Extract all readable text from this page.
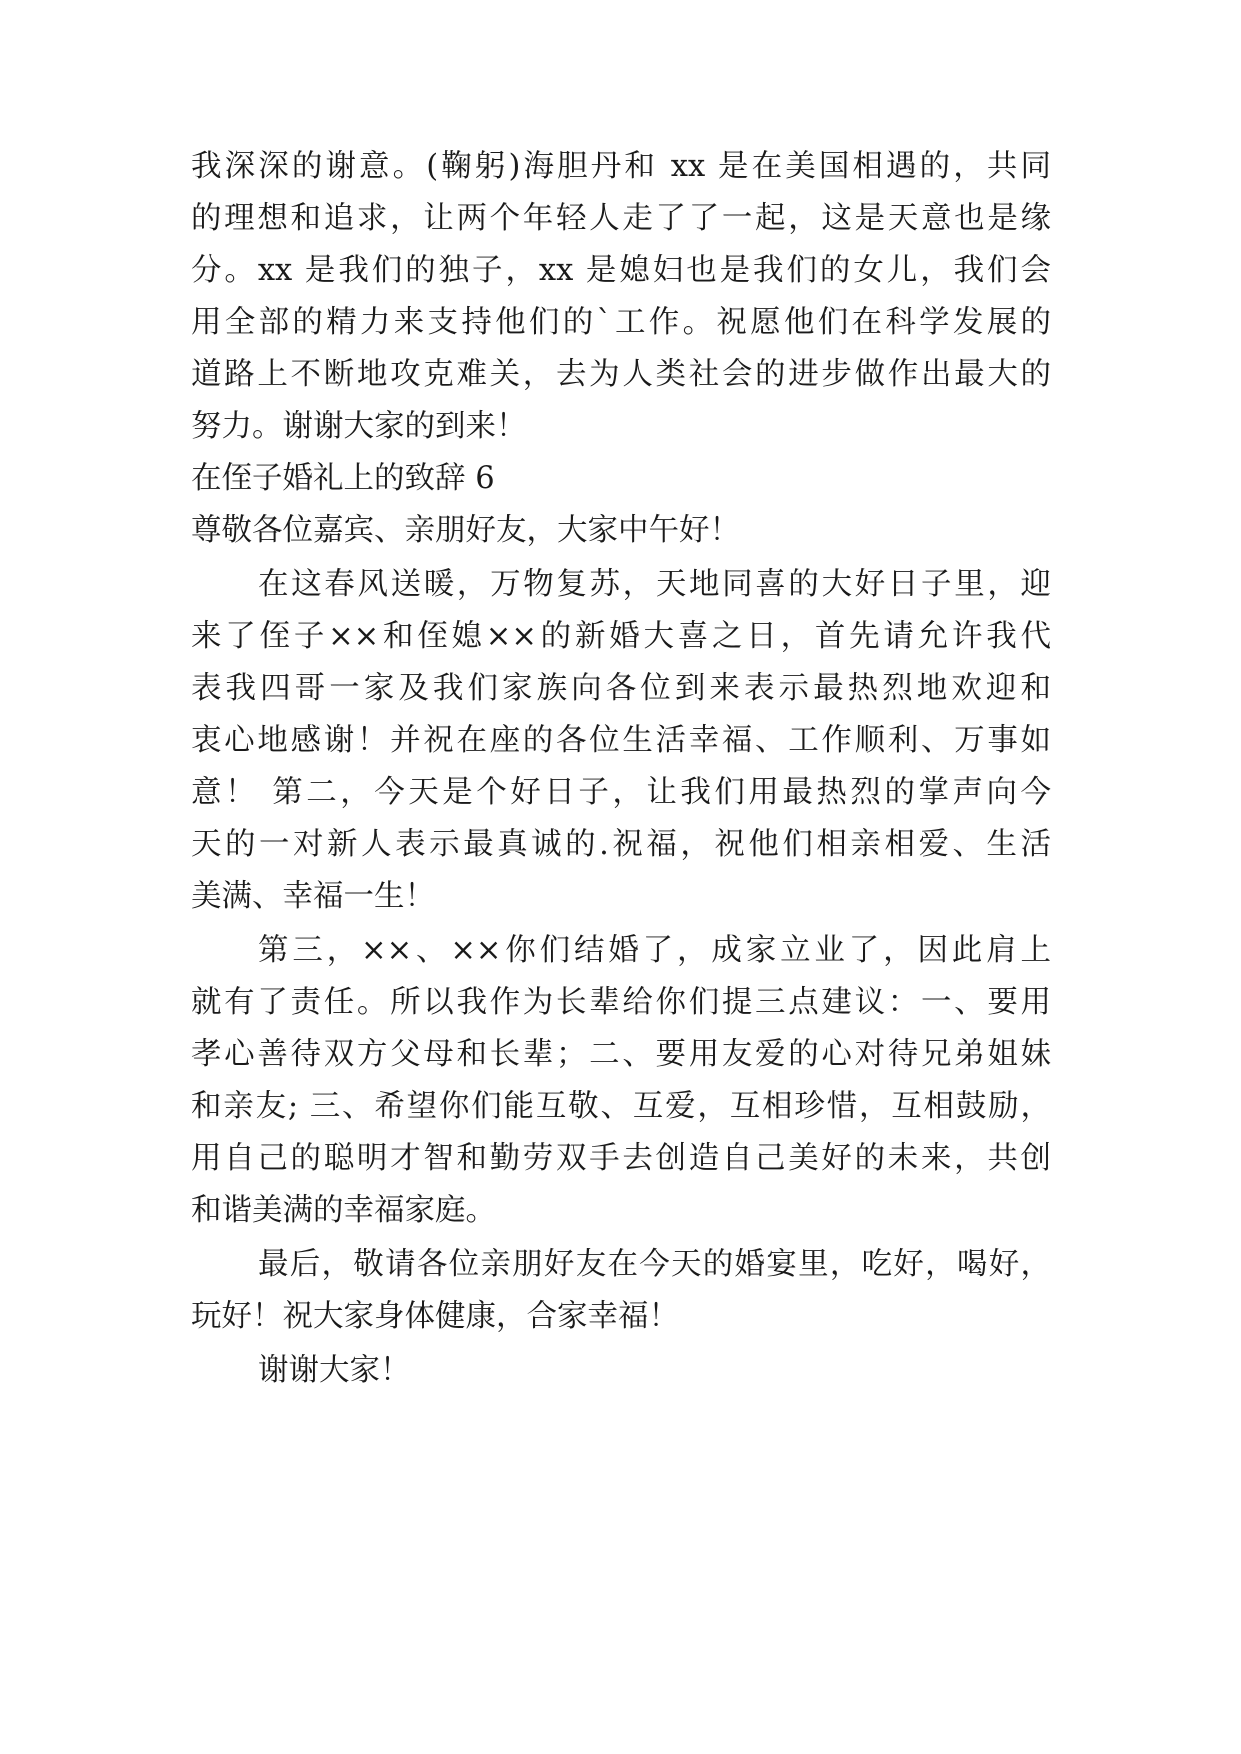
我深深的谢意。(鞠躬)海胆丹和 xx 是在美国相遇的，共同

的理想和追求，让两个年轻人走了了一起，这是天意也是缘

分。xx 是我们的独子，xx 是媳妇也是我们的女儿，我们会

用全部的精力来支持他们的`工作。祝愿他们在科学发展的

道路上不断地攻克难关，去为人类社会的进步做作出最大的

努力。谢谢大家的到来！

在侄子婚礼上的致辞 6

尊敬各位嘉宾、亲朋好友，大家中午好！

在这春风送暖，万物复苏，天地同喜的大好日子里，迎

来了侄子××和侄媳××的新婚大喜之日，首先请允许我代

表我四哥一家及我们家族向各位到来表示最热烈地欢迎和

衷心地感谢！并祝在座的各位生活幸福、工作顺利、万事如

意！ 第二，今天是个好日子，让我们用最热烈的掌声向今

天的一对新人表示最真诚的.祝福，祝他们相亲相爱、生活

美满、幸福一生！

第三，××、××你们结婚了，成家立业了，因此肩上

就有了责任。所以我作为长辈给你们提三点建议：一、要用

孝心善待双方父母和长辈；二、要用友爱的心对待兄弟姐妹

和亲友; 三、希望你们能互敬、互爱，互相珍惜，互相鼓励，

用自己的聪明才智和勤劳双手去创造自己美好的未来，共创

和谐美满的幸福家庭。

最后，敬请各位亲朋好友在今天的婚宴里，吃好，喝好，

玩好！祝大家身体健康，合家幸福！

谢谢大家！
